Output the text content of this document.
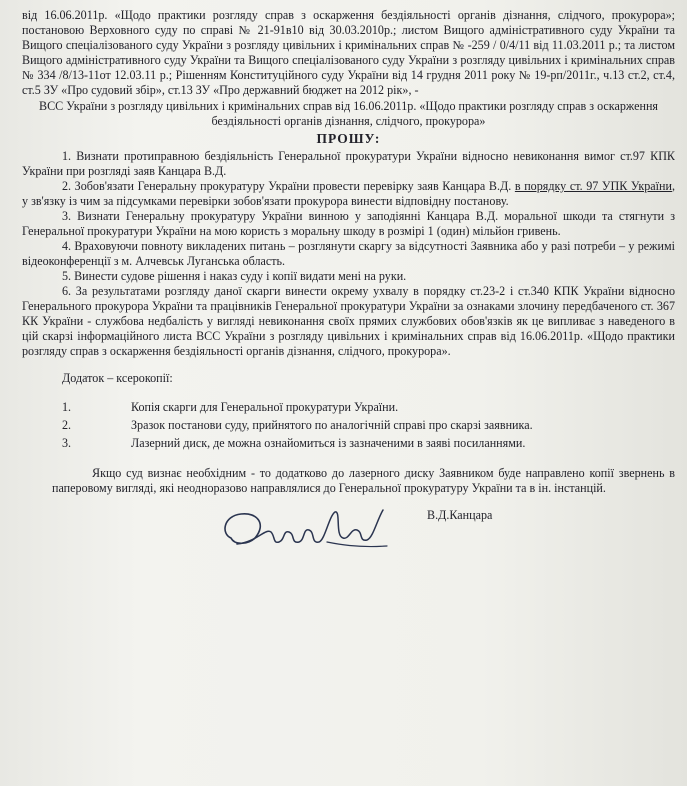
від 16.06.2011р. «Щодо практики розгляду справ з оскарження бездіяльності органів дізнання, слідчого, прокурора»; постановою Верховного суду по справі № 21-91в10 від 30.03.2010р.; листом Вищого адміністративного суду України та Вищого спеціалізованого суду України з розгляду цивільних і кримінальних справ № -259 / 0/4/11 від 11.03.2011 р.; та листом Вищого адміністративного суду України та Вищого спеціалізованого суду України з розгляду цивільних і кримінальних справ № 334 /8/13-11от 12.03.11 р.; Рішенням Конституційного суду України від 14 грудня 2011 року № 19-рп/2011г., ч.13 ст.2, ст.4, ст.5 ЗУ «Про судовий збір», ст.13 ЗУ «Про державний бюджет на 2012 рік», -

ВСС України з розгляду цивільних і кримінальних справ від 16.06.2011р. «Щодо практики розгляду справ з оскарження бездіяльності органів дізнання, слідчого, прокурора»

ПРОШУ:

1. Визнати протиправною бездіяльність Генеральної прокуратури України відносно невиконання вимог ст.97 КПК України при розгляді заяв Канцара В.Д.

2. Зобов'язати Генеральну прокуратуру України провести перевірку заяв Канцара В.Д. в порядку ст. 97 УПК України, у зв'язку із чим за підсумками перевірки зобов'язати прокурора винести відповідну постанову.

3. Визнати Генеральну прокуратуру України винною у заподіянні Канцара В.Д. моральної шкоди та стягнути з Генеральної прокуратури України на мою користь з моральну шкоду в розмірі 1 (один) мільйон гривень.

4. Враховуючи повноту викладених питань – розглянути скаргу за відсутності Заявника або у разі потреби – у режимі відеоконференції з м. Алчевськ Луганська область.

5. Винести судове рішення і наказ суду і копії видати мені на руки.

6. За результатами розгляду даної скарги винести окрему ухвалу в порядку ст.23-2 і ст.340 КПК України відносно Генерального прокурора України та працівників Генеральної прокуратури України за ознаками злочину передбаченого ст. 367 КК України - службова недбалість у вигляді невиконання своїх прямих службових обов'язків як це випливає з наведеного в цій скарзі інформаційного листа ВСС України з розгляду цивільних і кримінальних справ від 16.06.2011р. «Щодо практики розгляду справ з оскарження бездіяльності органів дізнання, слідчого, прокурора».

Додаток – ксерокопії:

1.	Копія скарги для Генеральної прокуратури України.
2.	Зразок постанови суду, прийнятого по аналогічній справі про скарзі заявника.
3.	Лазерний диск, де можна ознайомиться із зазначеними в заяві посиланнями.

Якщо суд визнає необхідним - то додатково до лазерного диску Заявником буде направлено копії звернень в паперовому вигляді, які неодноразово направлялися до Генеральної прокуратуру України та в ін. інстанцій.

В.Д.Канцара
